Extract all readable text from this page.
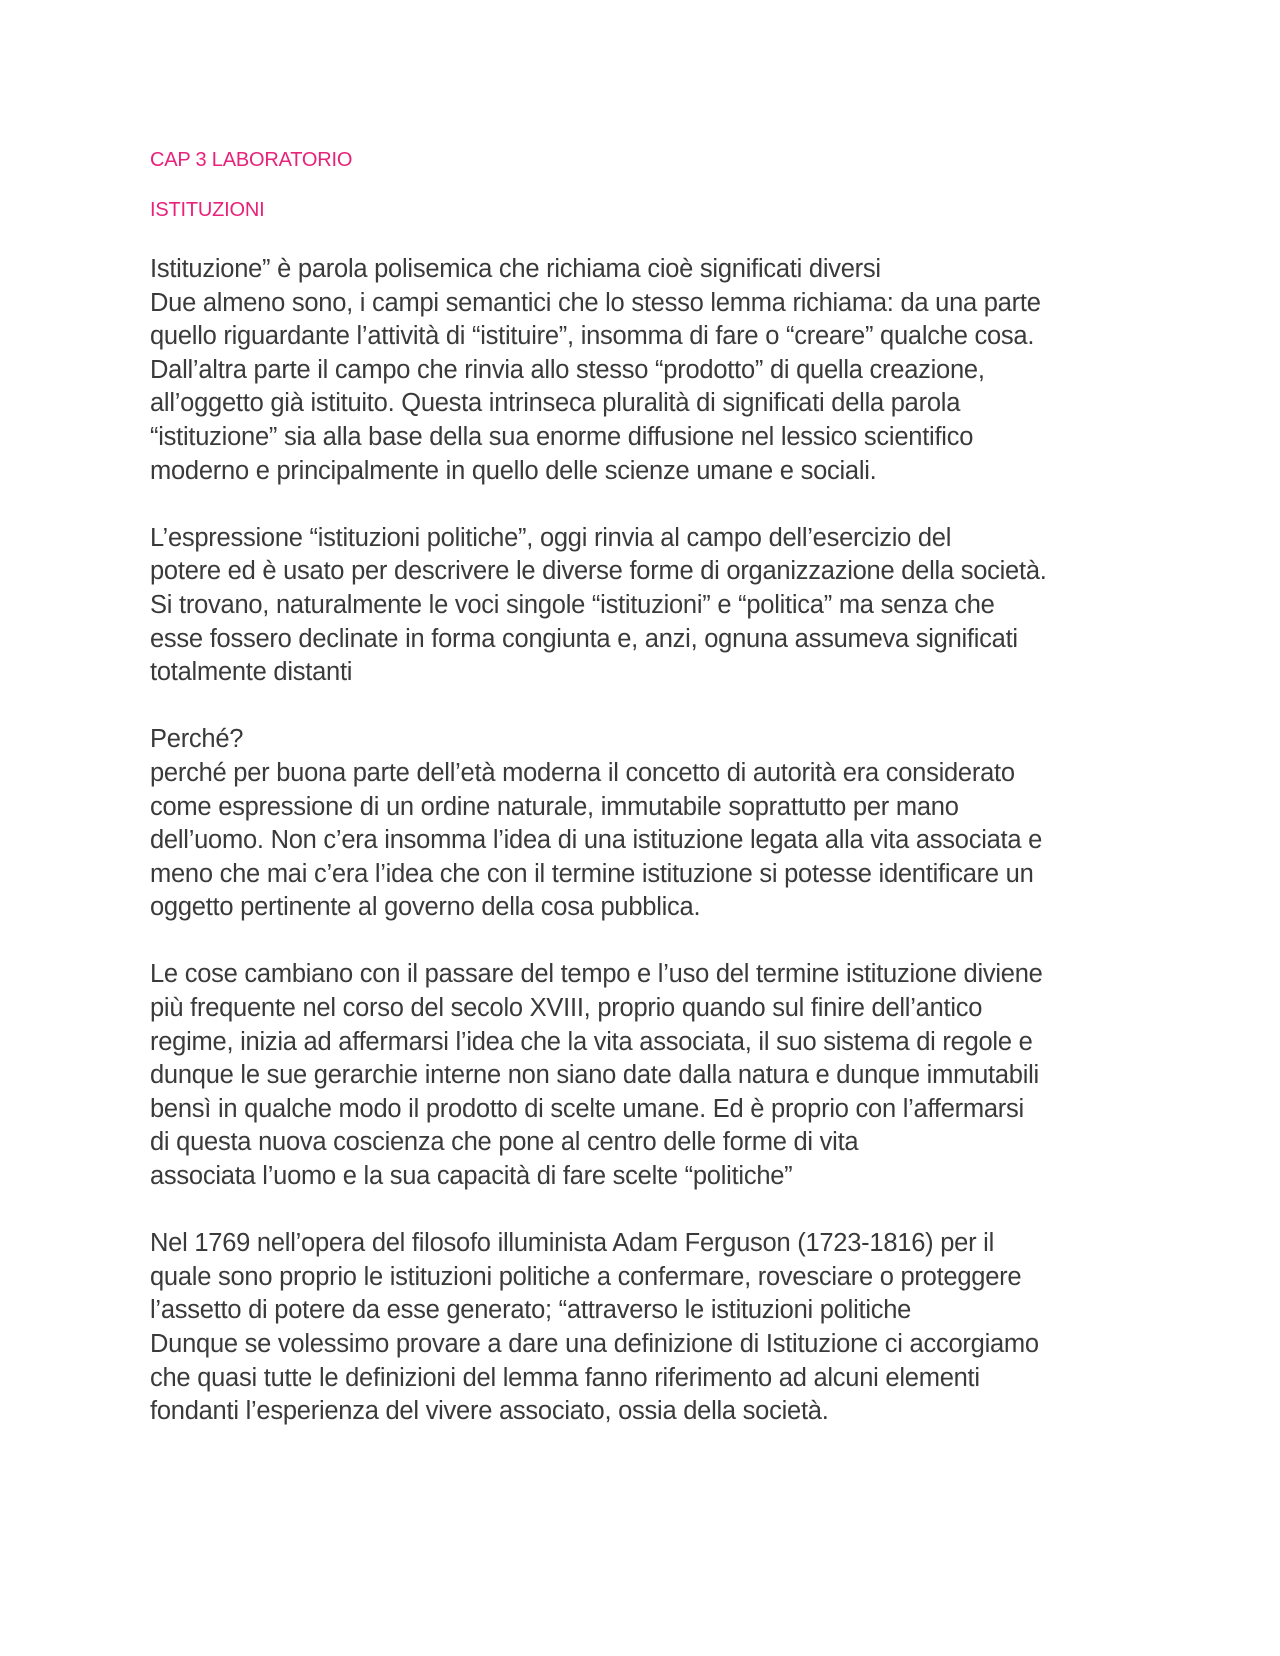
CAP 3 LABORATORIO
ISTITUZIONI

Istituzione” è parola polisemica che richiama cioè significati diversi
Due almeno sono, i campi semantici che lo stesso lemma richiama: da una parte
quello riguardante l’attività di “istituire”, insomma di fare o “creare” qualche cosa.
Dall’altra parte il campo che rinvia allo stesso “prodotto” di quella creazione,
all’oggetto già istituito. Questa intrinseca pluralità di significati della parola
“istituzione” sia alla base della sua enorme diffusione nel lessico scientifico
moderno e principalmente in quello delle scienze umane e sociali.

L’espressione “istituzioni politiche”, oggi rinvia al campo dell’esercizio del
potere ed è usato per descrivere le diverse forme di organizzazione della società.
Si trovano, naturalmente le voci singole “istituzioni” e “politica” ma senza che
esse fossero declinate in forma congiunta e, anzi, ognuna assumeva significati
totalmente distanti

Perché?
perché per buona parte dell’età moderna il concetto di autorità era considerato
come espressione di un ordine naturale, immutabile soprattutto per mano
dell’uomo. Non c’era insomma l’idea di una istituzione legata alla vita associata e
meno che mai c’era l’idea che con il termine istituzione si potesse identificare un
oggetto pertinente al governo della cosa pubblica.

Le cose cambiano con il passare del tempo e l’uso del termine istituzione diviene
più frequente nel corso del secolo XVIII, proprio quando sul finire dell’antico
regime, inizia ad affermarsi l’idea che la vita associata, il suo sistema di regole e
dunque le sue gerarchie interne non siano date dalla natura e dunque immutabili
bensì in qualche modo il prodotto di scelte umane. Ed è proprio con l’affermarsi
di questa nuova coscienza che pone al centro delle forme di vita
associata l’uomo e la sua capacità di fare scelte “politiche”

Nel 1769 nell’opera del filosofo illuminista Adam Ferguson (1723-1816) per il
quale sono proprio le istituzioni politiche a confermare, rovesciare o proteggere
l’assetto di potere da esse generato; “attraverso le istituzioni politiche
Dunque se volessimo provare a dare una definizione di Istituzione ci accorgiamo
che quasi tutte le definizioni del lemma fanno riferimento ad alcuni elementi
fondanti l’esperienza del vivere associato, ossia della società.
